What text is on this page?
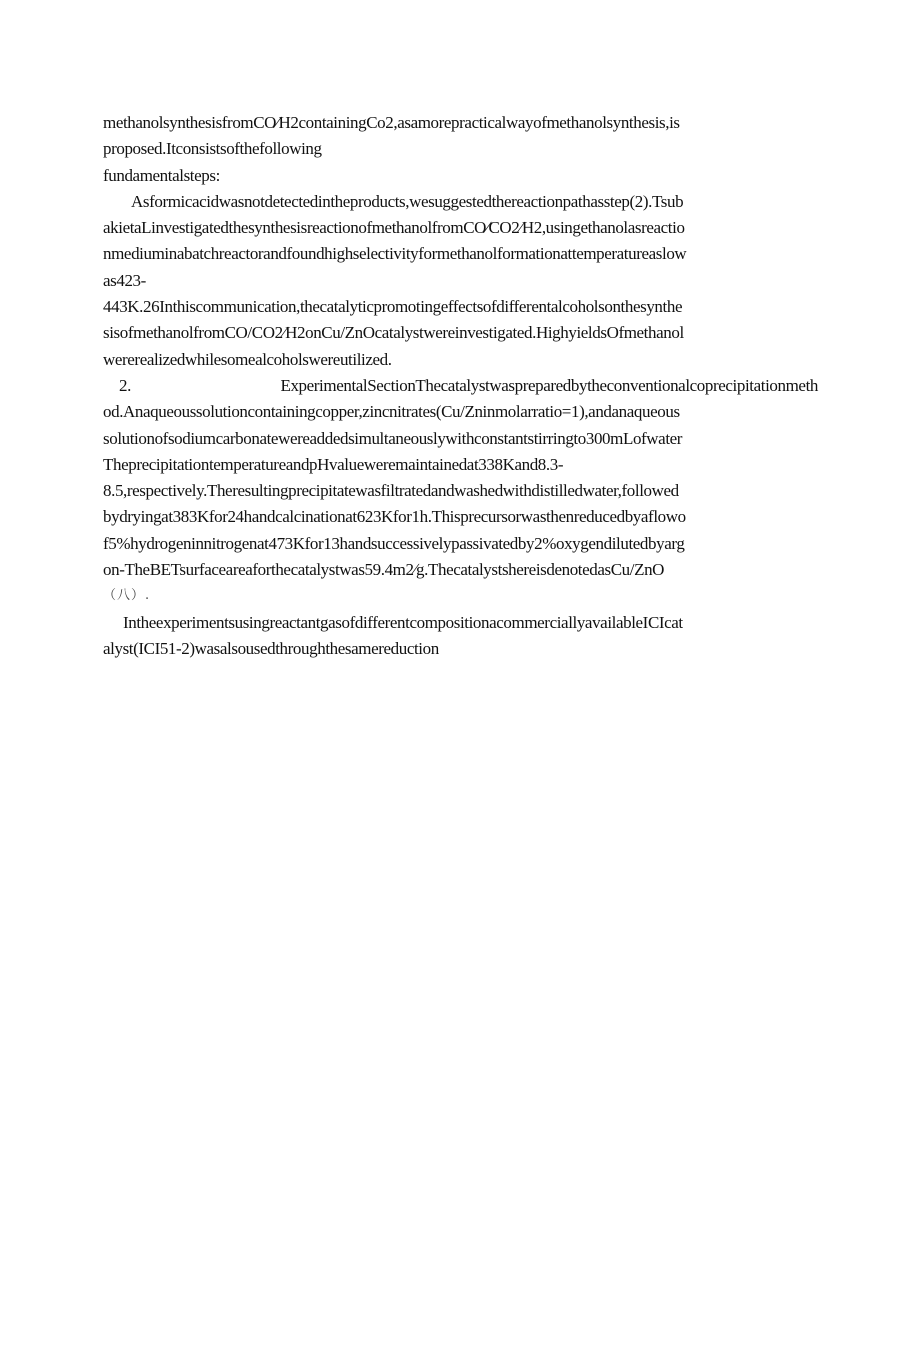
methanolsynthesisfromCO∕H2containingCo2,asamorepracticalwayofmethanolsynthesis,is
proposed.Itconsistsofthefollowing
fundamentalsteps:
Asformicacidwasnotdetectedintheproducts,wesuggestedthereactionpathasstep(2).Tsub
akietaLinvestigatedthesynthesisreactionofmethanolfromCO∕CO2∕H2,usingethanolasreactio
nmediuminabatchreactorandfoundhighselectivityformethanolformationattemperatureaslow
as423-
443K.26Inthiscommunication,thecatalyticpromotingeffectsofdifferentalcoholsonthesynthe
sisofmethanolfromCO/CO2∕H2onCu/ZnOcatalystwereinvestigated.HighyieldsOfmethanol
wererealizedwhilesomealcoholswereutilized.
2. ExperimentalSectionThecatalystwaspreparedbytheconventionalcoprecipitationmeth
od.Anaqueoussolutioncontainingcopper,zincnitrates(Cu/Zninmolarratio=1),andanaqueous
solutionofsodiumcarbonatewereaddedsimultaneouslywithconstantstirringto300mLofwater
TheprecipitationtemperatureandpHvalueweremaintainedat338Kand8.3-
8.5,respectively.Theresultingprecipitatewasfiltratedandwashedwithdistilledwater,followed
bydryingat383Kfor24handcalcinationat623Kfor1h.Thisprecursorwasthenreducedbyaflowo
f5%hydrogeninnitrogenat473Kfor13handsuccessivelypassivatedby2%oxygendilutedbyarg
on-TheBETsurfaceareaforthecatalystwas59.4m2∕g.ThecatalystshereisdenotedasCu/ZnO
（八）.
IntheexperimentsusingreactantgasofdifferentcompositionacommerciallyavailableICIcat
alyst(ICI51-2)wasalsousedthroughthesamereduction
